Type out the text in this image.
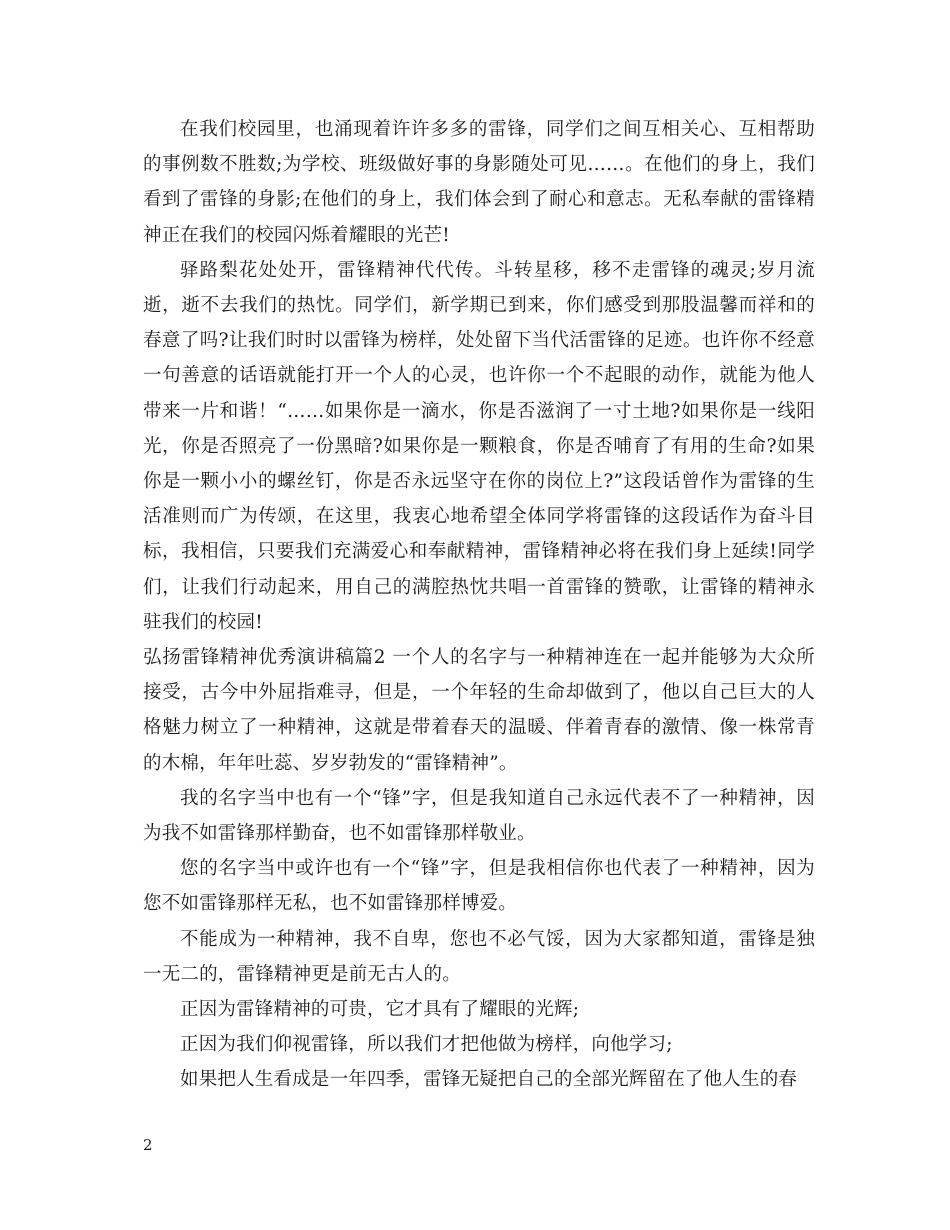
在我们校园里，也涌现着许许多多的雷锋，同学们之间互相关心、互相帮助的事例数不胜数;为学校、班级做好事的身影随处可见……。在他们的身上，我们看到了雷锋的身影;在他们的身上，我们体会到了耐心和意志。无私奉献的雷锋精神正在我们的校园闪烁着耀眼的光芒!

驿路梨花处处开，雷锋精神代代传。斗转星移，移不走雷锋的魂灵;岁月流逝，逝不去我们的热忱。同学们，新学期已到来，你们感受到那股温馨而祥和的春意了吗?让我们时时以雷锋为榜样，处处留下当代活雷锋的足迹。也许你不经意一句善意的话语就能打开一个人的心灵，也许你一个不起眼的动作，就能为他人带来一片和谐！“……如果你是一滴水，你是否滋润了一寸土地?如果你是一线阳光，你是否照亮了一份黑暗?如果你是一颗粮食，你是否哺育了有用的生命?如果你是一颗小小的螺丝钉，你是否永远坚守在你的岗位上?”这段话曾作为雷锋的生活准则而广为传颂，在这里，我衷心地希望全体同学将雷锋的这段话作为奋斗目标，我相信，只要我们充满爱心和奉献精神，雷锋精神必将在我们身上延续!同学们，让我们行动起来，用自己的满腔热忱共唱一首雷锋的赞歌，让雷锋的精神永驻我们的校园!

弘扬雷锋精神优秀演讲稿篇2 一个人的名字与一种精神连在一起并能够为大众所接受，古今中外屈指难寻，但是，一个年轻的生命却做到了，他以自己巨大的人格魅力树立了一种精神，这就是带着春天的温暖、伴着青春的激情、像一株常青的木棉，年年吐蕊、岁岁勃发的“雷锋精神”。

我的名字当中也有一个“锋”字，但是我知道自己永远代表不了一种精神，因为我不如雷锋那样勤奋，也不如雷锋那样敬业。

您的名字当中或许也有一个“锋”字，但是我相信你也代表了一种精神，因为您不如雷锋那样无私，也不如雷锋那样博爱。

不能成为一种精神，我不自卑，您也不必气馁，因为大家都知道，雷锋是独一无二的，雷锋精神更是前无古人的。

正因为雷锋精神的可贵，它才具有了耀眼的光辉;

正因为我们仰视雷锋，所以我们才把他做为榜样，向他学习;

如果把人生看成是一年四季，雷锋无疑把自己的全部光辉留在了他人生的春

2
